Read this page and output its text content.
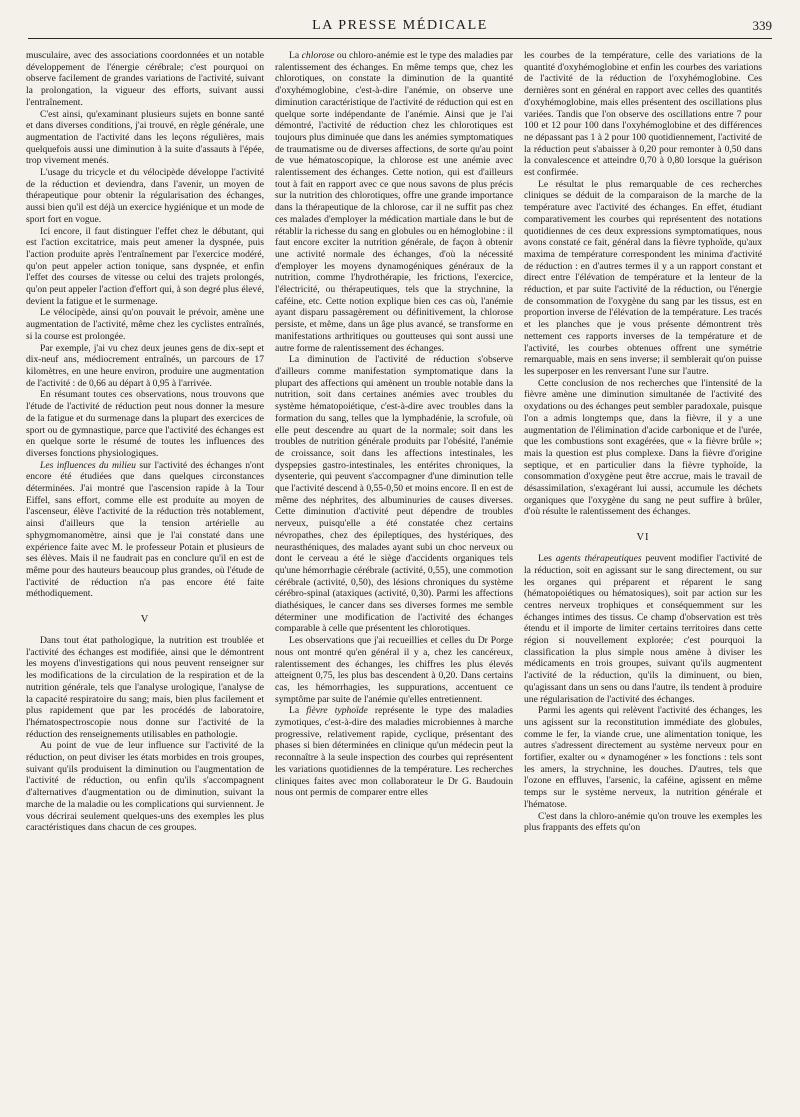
LA PRESSE MÉDICALE	339

musculaire, avec des associations coordonnées et un notable développement de l'énergie cérébrale; c'est pourquoi on observe facilement de grandes variations de l'activité, suivant la prolongation, la vigueur des efforts, suivant aussi l'entraînement.

C'est ainsi, qu'examinant plusieurs sujets en bonne santé et dans diverses conditions, j'ai trouvé, en règle générale, une augmentation de l'activité dans les leçons régulières, mais quelquefois aussi une diminution à la suite d'assauts à l'épée, trop vivement menés.

L'usage du tricycle et du vélocipède développe l'activité de la réduction et deviendra, dans l'avenir, un moyen de thérapeutique pour obtenir la régularisation des échanges, aussi bien qu'il est déjà un exercice hygiénique et un mode de sport fort en vogue.

Ici encore, il faut distinguer l'effet chez le débutant, qui est l'action excitatrice, mais peut amener la dyspnée, puis l'action produite après l'entraînement par l'exercice modéré, qu'on peut appeler action tonique, sans dyspnée, et enfin l'effet des courses de vitesse ou celui des trajets prolongés, qu'on peut appeler l'action d'effort qui, à son degré plus élevé, devient la fatigue et le surmenage.

Le vélocipède, ainsi qu'on pouvait le prévoir, amène une augmentation de l'activité, même chez les cyclistes entraînés, si la course est prolongée.

Par exemple, j'ai vu chez deux jeunes gens de dix-sept et dix-neuf ans, médiocrement entraînés, un parcours de 17 kilomètres, en une heure environ, produire une augmentation de l'activité : de 0,66 au départ à 0,95 à l'arrivée.

En résumant toutes ces observations, nous trouvons que l'étude de l'activité de réduction peut nous donner la mesure de la fatigue et du surmenage dans la plupart des exercices de sport ou de gymnastique, parce que l'activité des échanges est en quelque sorte le résumé de toutes les influences des diverses fonctions physiologiques.

Les influences du milieu sur l'activité des échanges n'ont encore été étudiées que dans quelques circonstances déterminées. J'ai montré que l'ascension rapide à la Tour Eiffel, sans effort, comme elle est produite au moyen de l'ascenseur, élève l'activité de la réduction très notablement, ainsi d'ailleurs que la tension artérielle au sphygmomanomètre, ainsi que je l'ai constaté dans une expérience faite avec M. le professeur Potain et plusieurs de ses élèves. Mais il ne faudrait pas en conclure qu'il en est de même pour des hauteurs beaucoup plus grandes, où l'étude de l'activité de réduction n'a pas encore été faite méthodiquement.

V

Dans tout état pathologique, la nutrition est troublée et l'activité des échanges est modifiée, ainsi que le démontrent les moyens d'investigations qui nous peuvent renseigner sur les modifications de la circulation de la respiration et de la nutrition générale, tels que l'analyse urologique, l'analyse de la capacité respiratoire du sang; mais, bien plus facilement et plus rapidement que par les procédés de laboratoire, l'hématospectroscopie nous donne sur l'activité de la réduction des renseignements utilisables en pathologie.

Au point de vue de leur influence sur l'activité de la réduction, on peut diviser les états morbides en trois groupes, suivant qu'ils produisent la diminution ou l'augmentation de l'activité de réduction, ou enfin qu'ils s'accompagnent d'alternatives d'augmentation ou de diminution, suivant la marche de la maladie ou les complications qui surviennent. Je vous décrirai seulement quelques-uns des exemples les plus caractéristiques dans chacun de ces groupes.

La chlorose ou chloro-anémie est le type des maladies par ralentissement des échanges. En même temps que, chez les chlorotiques, on constate la diminution de la quantité d'oxyhémoglobine, c'est-à-dire l'anémie, on observe une diminution caractéristique de l'activité de réduction qui est en quelque sorte indépendante de l'anémie. Ainsi que je l'ai démontré, l'activité de réduction chez les chlorotiques est toujours plus diminuée que dans les anémies symptomatiques de traumatisme ou de diverses affections, de sorte qu'au point de vue hématoscopique, la chlorose est une anémie avec ralentissement des échanges. Cette notion, qui est d'ailleurs tout à fait en rapport avec ce que nous savons de plus précis sur la nutrition des chlorotiques, offre une grande importance dans la thérapeutique de la chlorose, car il ne suffit pas chez ces malades d'employer la médication martiale dans le but de rétablir la richesse du sang en globules ou en hémoglobine : il faut encore exciter la nutrition générale, de façon à obtenir une activité normale des échanges, d'où la nécessité d'employer les moyens dynamogéniques généraux de la nutrition, comme l'hydrothérapie, les frictions, l'exercice, l'électricité, ou thérapeutiques, tels que la strychnine, la caféine, etc. Cette notion explique bien ces cas où, l'anémie ayant disparu passagèrement ou définitivement, la chlorose persiste, et même, dans un âge plus avancé, se transforme en manifestations arthritiques ou goutteuses qui sont aussi une autre forme de ralentissement des échanges.

La diminution de l'activité de réduction s'observe d'ailleurs comme manifestation symptomatique dans la plupart des affections qui amènent un trouble notable dans la nutrition, soit dans certaines anémies avec troubles du système hématopoiétique, c'est-à-dire avec troubles dans la formation du sang, telles que la lymphadénie, la scrofule, où elle peut descendre au quart de la normale; soit dans les troubles de nutrition générale produits par l'obésité, l'anémie de croissance, soit dans les affections intestinales, les dyspepsies gastro-intestinales, les entérites chroniques, la dysenterie, qui peuvent s'accompagner d'une diminution telle que l'activité descend à 0,55-0,50 et moins encore. Il en est de même des néphrites, des albuminuries de causes diverses. Cette diminution d'activité peut dépendre de troubles nerveux, puisqu'elle a été constatée chez certains névropathes, chez des épileptiques, des hystériques, des neurasthéniques, des malades ayant subi un choc nerveux ou dont le cerveau a été le siège d'accidents organiques tels qu'une hémorrhagie cérébrale (activité, 0,55), une commotion cérébrale (activité, 0,50), des lésions chroniques du système cérébro-spinal (ataxiques (activité, 0,30). Parmi les affections diathésiques, le cancer dans ses diverses formes me semble déterminer une modification de l'activité des échanges comparable à celle que présentent les chlorotiques.

Les observations que j'ai recueillies et celles du Dr Porge nous ont montré qu'en général il y a, chez les cancéreux, ralentissement des échanges, les chiffres les plus élevés atteignent 0,75, les plus bas descendent à 0,20. Dans certains cas, les hémorrhagies, les suppurations, accentuent ce symptôme par suite de l'anémie qu'elles entretiennent.

La fièvre typhoïde représente le type des maladies zymotiques, c'est-à-dire des maladies microbiennes à marche progressive, relativement rapide, cyclique, présentant des phases si bien déterminées en clinique qu'un médecin peut la reconnaître à la seule inspection des courbes qui représentent les variations quotidiennes de la température. Les recherches cliniques faites avec mon collaborateur le Dr G. Baudouin nous ont permis de comparer entre elles

les courbes de la température, celle des variations de la quantité d'oxyhémoglobine et enfin les courbes des variations de l'activité de la réduction de l'oxyhémoglobine. Ces dernières sont en général en rapport avec celles des quantités d'oxyhémoglobine, mais elles présentent des oscillations plus variées. Tandis que l'on observe des oscillations entre 7 pour 100 et 12 pour 100 dans l'oxyhémoglobine et des différences ne dépassant pas 1 à 2 pour 100 quotidiennement, l'activité de la réduction peut s'abaisser à 0,20 pour remonter à 0,50 dans la convalescence et atteindre 0,70 à 0,80 lorsque la guérison est confirmée.

Le résultat le plus remarquable de ces recherches cliniques se déduit de la comparaison de la marche de la température avec l'activité des échanges. En effet, étudiant comparativement les courbes qui représentent des notations quotidiennes de ces deux expressions symptomatiques, nous avons constaté ce fait, général dans la fièvre typhoïde, qu'aux maxima de température correspondent les minima d'activité de réduction : en d'autres termes il y a un rapport constant et direct entre l'élévation de température et la lenteur de la réduction, et par suite l'activité de la réduction, ou l'énergie de consommation de l'oxygène du sang par les tissus, est en proportion inverse de l'élévation de la température. Les tracés et les planches que je vous présente démontrent très nettement ces rapports inverses de la température et de l'activité, les courbes obtenues offrent une symétrie remarquable, mais en sens inverse; il semblerait qu'on puisse les superposer en les renversant l'une sur l'autre.

Cette conclusion de nos recherches que l'intensité de la fièvre amène une diminution simultanée de l'activité des oxydations ou des échanges peut sembler paradoxale, puisque l'on a admis longtemps que, dans la fièvre, il y a une augmentation de l'élimination d'acide carbonique et de l'urée, que les combustions sont exagérées, que « la fièvre brûle »; mais la question est plus complexe. Dans la fièvre d'origine septique, et en particulier dans la fièvre typhoïde, la consommation d'oxygène peut être accrue, mais le travail de désassimilation, s'exagérant lui aussi, accumule les déchets organiques que l'oxygène du sang ne peut suffire à brûler, d'où résulte le ralentissement des échanges.

VI

Les agents thérapeutiques peuvent modifier l'activité de la réduction, soit en agissant sur le sang directement, ou sur les organes qui préparent et réparent le sang (hématopoiétiques ou hématosiques), soit par action sur les centres nerveux trophiques et conséquemment sur les échanges intimes des tissus. Ce champ d'observation est très étendu et il importe de limiter certains territoires dans cette région si nouvellement explorée; c'est pourquoi la classification la plus simple nous amène à diviser les médicaments en trois groupes, suivant qu'ils augmentent l'activité de la réduction, qu'ils la diminuent, ou bien, qu'agissant dans un sens ou dans l'autre, ils tendent à produire une régularisation de l'activité des échanges.

Parmi les agents qui relèvent l'activité des échanges, les uns agissent sur la reconstitution immédiate des globules, comme le fer, la viande crue, une alimentation tonique, les autres s'adressent directement au système nerveux pour en fortifier, exalter ou « dynamogéner » les fonctions : tels sont les amers, la strychnine, les douches. D'autres, tels que l'ozone en effluves, l'arsenic, la caféine, agissent en même temps sur le système nerveux, la nutrition générale et l'hématose.

C'est dans la chloro-anémie qu'on trouve les exemples les plus frappants des effets qu'on
